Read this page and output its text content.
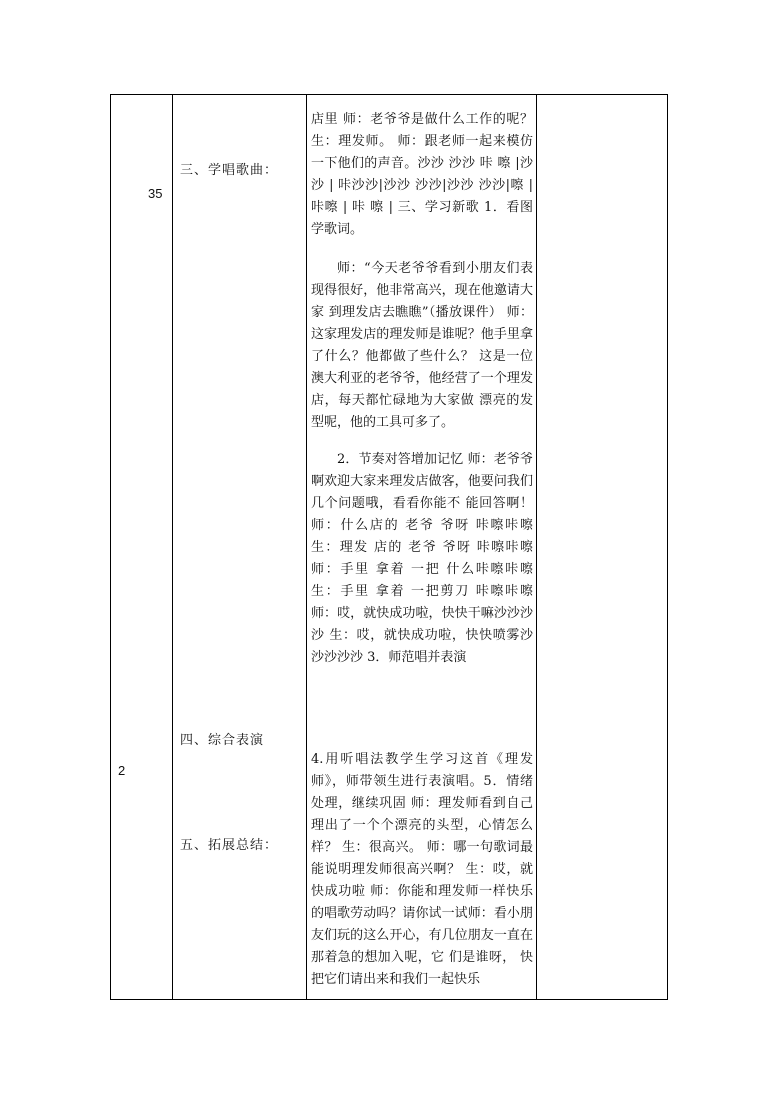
35
2
三、学唱歌曲：
四、综合表演
五、拓展总结：

店里 师：老爷爷是做什么工作的呢？ 生：理发师。 师：跟老师一起来模仿一下他们的声音。沙沙 沙沙 咔 嚓 |沙沙 | 咔沙沙|沙沙 沙沙|沙沙 沙沙|嚓 | 咔嚓 | 咔 嚓 | 三、学习新歌 1．看图学歌词。

师：“今天老爷爷看到小朋友们表现得很好，他非常高兴，现在他邀请大家 到理发店去瞧瞧”（播放课件） 师：这家理发店的理发师是谁呢？他手里拿了什么？他都做了些什么？ 这是一位澳大利亚的老爷爷，他经营了一个理发店，每天都忙碌地为大家做 漂亮的发型呢，他的工具可多了。

2．节奏对答增加记忆 师：老爷爷啊欢迎大家来理发店做客，他要问我们几个问题哦，看看你能不 能回答啊！ 师：什么店的 老爷 爷呀 咔嚓咔嚓 生：理发 店的 老爷 爷呀 咔嚓咔嚓 师：手里 拿着 一把 什么咔嚓咔嚓 生：手里 拿着 一把剪刀 咔嚓咔嚓 师：哎，就快成功啦，快快干嘛沙沙沙沙 生：哎，就快成功啦，快快喷雾沙沙沙沙沙 3．师范唱并表演

4.用听唱法教学生学习这首《理发师》，师带领生进行表演唱。5．情绪处理，继续巩固 师：理发师看到自己理出了一个个漂亮的头型，心情怎么样？ 生：很高兴。 师：哪一句歌词最能说明理发师很高兴啊？ 生：哎，就快成功啦 师：你能和理发师一样快乐的唱歌劳动吗？请你试一试师：看小朋友们玩的这么开心，有几位朋友一直在那着急的想加入呢，它 们是谁呀， 快把它们请出来和我们一起快乐
